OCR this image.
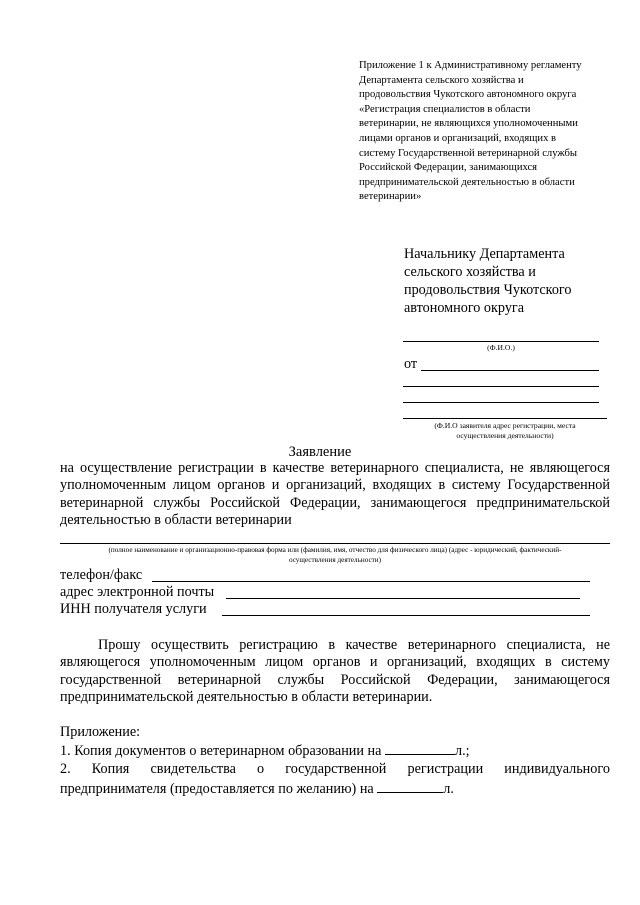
Приложение 1 к Административному регламенту
Департамента сельского хозяйства и
продовольствия Чукотского автономного округа
«Регистрация специалистов в области
ветеринарии, не являющихся уполномоченными
лицами органов и организаций, входящих в
систему Государственной ветеринарной службы
Российской Федерации, занимающихся
предпринимательской деятельностью в области
ветеринарии»
Начальнику Департамента
сельского хозяйства и
продовольствия Чукотского
автономного округа
(Ф.И.О.)
от
(Ф.И.О заявителя адрес регистрации, места
осуществления деятельности)
Заявление

на осуществление регистрации в качестве ветеринарного специалиста, не являющегося уполномоченным лицом органов и организаций, входящих в систему Государственной ветеринарной службы Российской Федерации, занимающегося предпринимательской деятельностью в области ветеринарии

(полное наименование и организационно-правовая форма или (фамилия, имя, отчество для физического лица) (адрес - юридический, фактический-
осуществления деятельности)
телефон/факс
адрес электронной почты
ИНН получателя услуги

Прошу осуществить регистрацию в качестве ветеринарного специалиста, не являющегося уполномоченным лицом органов и организаций, входящих в систему государственной ветеринарной службы Российской Федерации, занимающегося предпринимательской деятельностью в области ветеринарии.

Приложение:
1. Копия документов о ветеринарном образовании на	л.;
2. Копия свидетельства о государственной регистрации индивидуального
предпринимателя (предоставляется по желанию) на	л.
